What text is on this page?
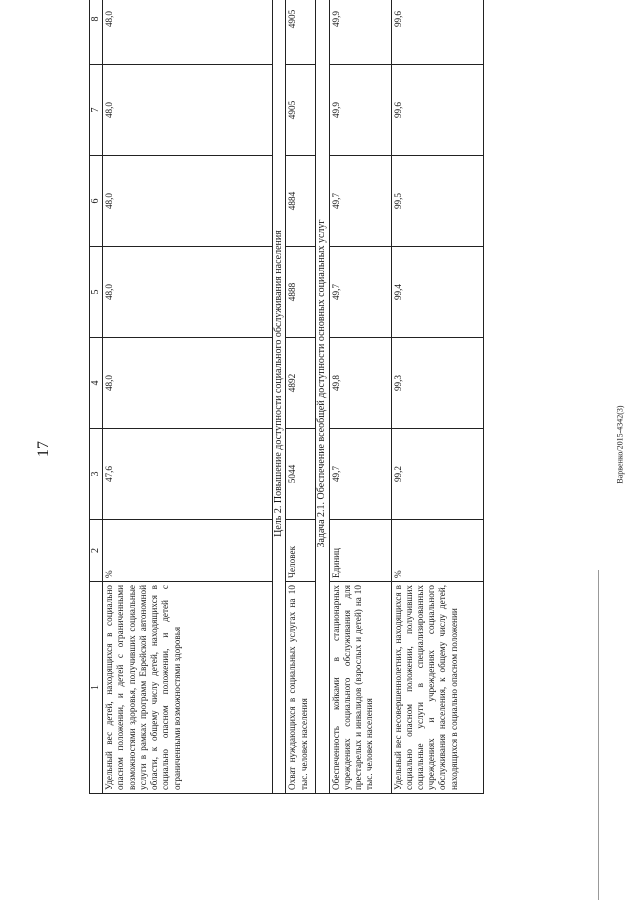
17	Варвенко/2015-4342(3)
1	2	3	4	5	6	7	8
Удельный вес детей, находящихся в социально опасном положении, и детей с ограниченными возможностями здоровья, получивших социальные услуги в рамках программ Еврейской автономной области, к общему числу детей, находящихся в социально опасном положении, и детей с ограниченными возможностями здоровья	%	47,6	48,0	48,0	48,0	48,0	48,0
Цель 2. Повышение доступности социального обслуживания населения							
Охват нуждающихся в социальных услугах на 10 тыс. человек населения	Человек	5044	4892	4888	4884	4905	4905
Задача 2.1. Обеспечение всеобщей доступности основных социальных услуг							
Обеспеченность койками в стационарных учреждениях социального обслуживания для престарелых и инвалидов (взрослых и детей) на 10 тыс. человек населения	Единиц	49,7	49,8	49,7	49,7	49,9	49,9
Удельный вес несовершеннолетних, находящихся в социально опасном положении, получивших социальные услуги в специализированных учреждениях и учреждениях социального обслуживания населения, к общему числу детей, находящихся в социально опасном положении	%	99,2	99,3	99,4	99,5	99,6	99,6
